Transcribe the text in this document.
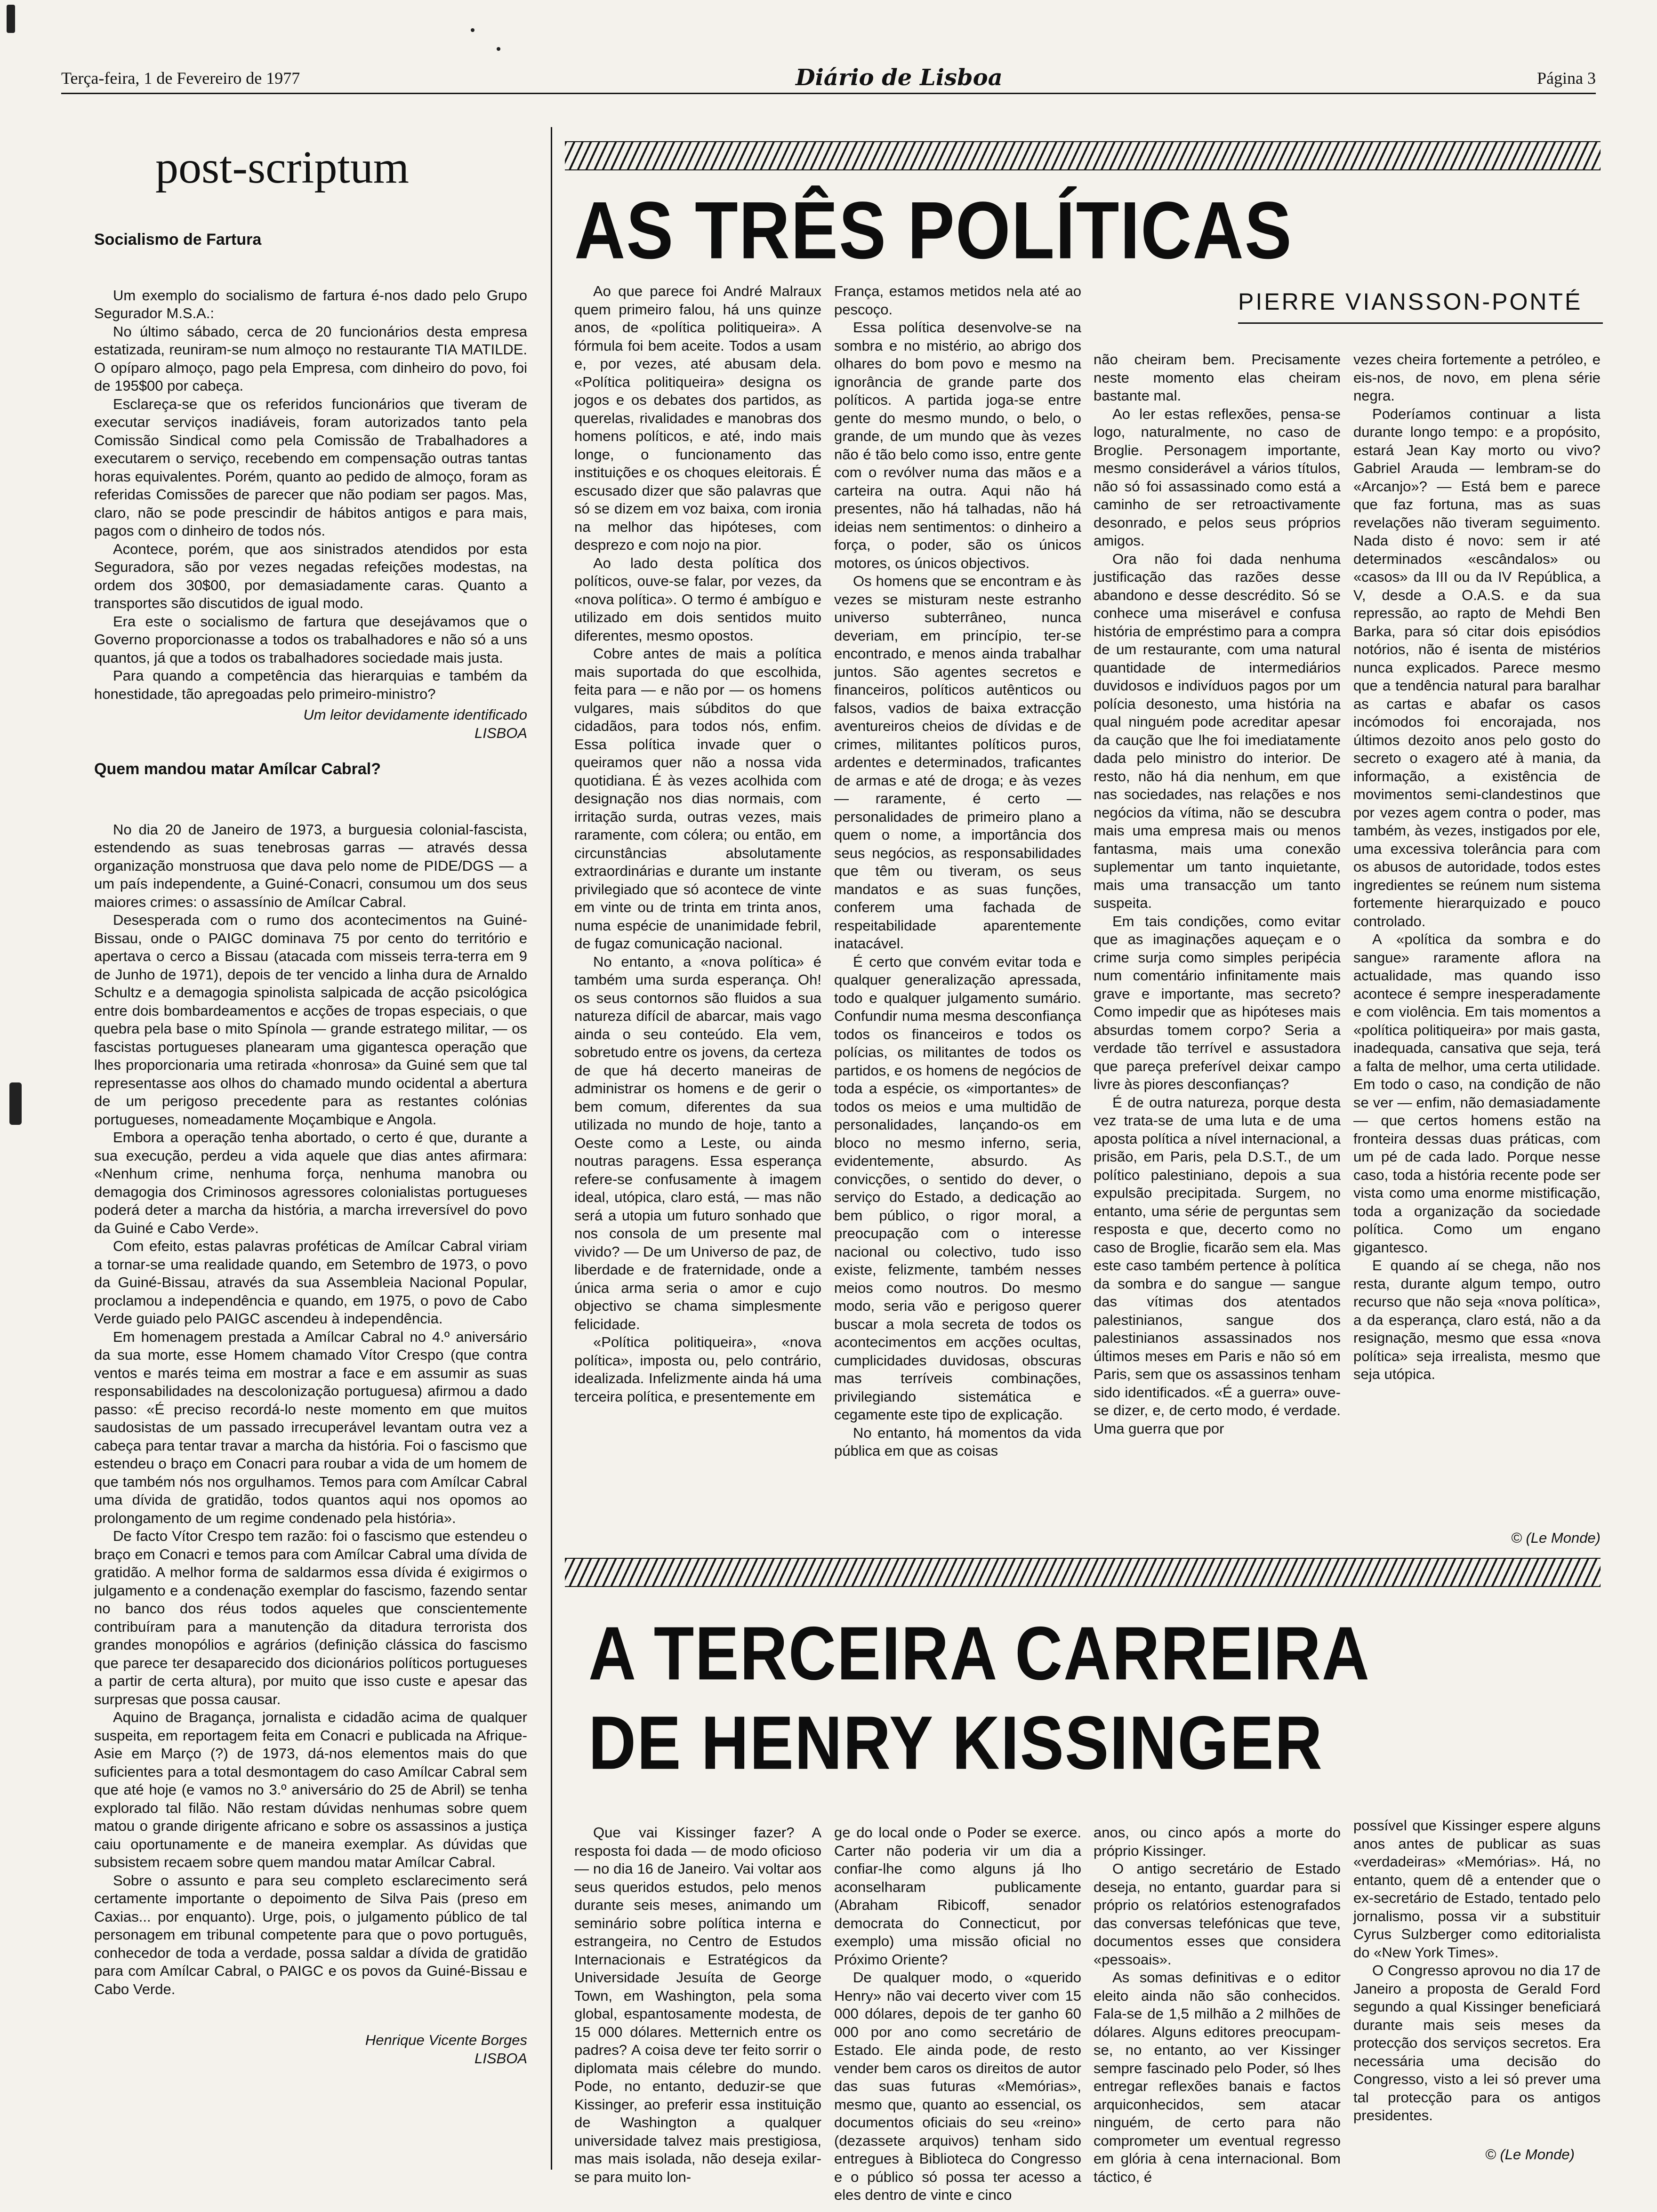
Terça-feira, 1 de Fevereiro de 1977	Diário de Lisboa	Página 3
post-scriptum
Socialismo de Fartura

Um exemplo do socialismo de fartura é-nos dado pelo Grupo Segurador M.S.A.:

No último sábado, cerca de 20 funcionários desta empresa estatizada, reuniram-se num almoço no restaurante TIA MATILDE. O opíparo almoço, pago pela Empresa, com dinheiro do povo, foi de 195$00 por cabeça.

Esclareça-se que os referidos funcionários que tiveram de executar serviços inadiáveis, foram autorizados tanto pela Comissão Sindical como pela Comissão de Trabalhadores a executarem o serviço, recebendo em compensação outras tantas horas equivalentes. Porém, quanto ao pedido de almoço, foram as referidas Comissões de parecer que não podiam ser pagos. Mas, claro, não se pode prescindir de hábitos antigos e para mais, pagos com o dinheiro de todos nós.

Acontece, porém, que aos sinistrados atendidos por esta Seguradora, são por vezes negadas refeições modestas, na ordem dos 30$00, por demasiadamente caras. Quanto a transportes são discutidos de igual modo.

Era este o socialismo de fartura que desejávamos que o Governo proporcionasse a todos os trabalhadores e não só a uns quantos, já que a todos os trabalhadores sociedade mais justa.

Para quando a competência das hierarquias e também da honestidade, tão apregoadas pelo primeiro-ministro?

Um leitor devidamente identificado
LISBOA
Quem mandou matar Amílcar Cabral?

No dia 20 de Janeiro de 1973, a burguesia colonial-fascista, estendendo as suas tenebrosas garras — através dessa organização monstruosa que dava pelo nome de PIDE/DGS — a um país independente, a Guiné-Conacri, consumou um dos seus maiores crimes: o assassínio de Amílcar Cabral.

Desesperada com o rumo dos acontecimentos na Guiné-Bissau, onde o PAIGC dominava 75 por cento do território e apertava o cerco a Bissau (atacada com misseis terra-terra em 9 de Junho de 1971), depois de ter vencido a linha dura de Arnaldo Schultz e a demagogia spinolista salpicada de acção psicológica entre dois bombardeamentos e acções de tropas especiais, o que quebra pela base o mito Spínola — grande estratego militar, — os fascistas portugueses planearam uma gigantesca operação que lhes proporcionaria uma retirada «honrosa» da Guiné sem que tal representasse aos olhos do chamado mundo ocidental a abertura de um perigoso precedente para as restantes colónias portugueses, nomeadamente Moçambique e Angola.

Embora a operação tenha abortado, o certo é que, durante a sua execução, perdeu a vida aquele que dias antes afirmara: «Nenhum crime, nenhuma força, nenhuma manobra ou demagogia dos Criminosos agressores colonialistas portugueses poderá deter a marcha da história, a marcha irreversível do povo da Guiné e Cabo Verde».

Com efeito, estas palavras proféticas de Amílcar Cabral viriam a tornar-se uma realidade quando, em Setembro de 1973, o povo da Guiné-Bissau, através da sua Assembleia Nacional Popular, proclamou a independência e quando, em 1975, o povo de Cabo Verde guiado pelo PAIGC ascendeu à independência.

Em homenagem prestada a Amílcar Cabral no 4.º aniversário da sua morte, esse Homem chamado Vítor Crespo (que contra ventos e marés teima em mostrar a face e em assumir as suas responsabilidades na descolonização portuguesa) afirmou a dado passo: «É preciso recordá-lo neste momento em que muitos saudosistas de um passado irrecuperável levantam outra vez a cabeça para tentar travar a marcha da história. Foi o fascismo que estendeu o braço em Conacri para roubar a vida de um homem de que também nós nos orgulhamos. Temos para com Amílcar Cabral uma dívida de gratidão, todos quantos aqui nos opomos ao prolongamento de um regime condenado pela história».

De facto Vítor Crespo tem razão: foi o fascismo que estendeu o braço em Conacri e temos para com Amílcar Cabral uma dívida de gratidão. A melhor forma de saldarmos essa dívida é exigirmos o julgamento e a condenação exemplar do fascismo, fazendo sentar no banco dos réus todos aqueles que conscientemente contribuíram para a manutenção da ditadura terrorista dos grandes monopólios e agrários (definição clássica do fascismo que parece ter desaparecido dos dicionários políticos portugueses a partir de certa altura), por muito que isso custe e apesar das surpresas que possa causar.

Aquino de Bragança, jornalista e cidadão acima de qualquer suspeita, em reportagem feita em Conacri e publicada na Afrique-Asie em Março (?) de 1973, dá-nos elementos mais do que suficientes para a total desmontagem do caso Amílcar Cabral sem que até hoje (e vamos no 3.º aniversário do 25 de Abril) se tenha explorado tal filão. Não restam dúvidas nenhumas sobre quem matou o grande dirigente africano e sobre os assassinos a justiça caiu oportunamente e de maneira exemplar. As dúvidas que subsistem recaem sobre quem mandou matar Amílcar Cabral.

Sobre o assunto e para seu completo esclarecimento será certamente importante o depoimento de Silva Pais (preso em Caxias... por enquanto). Urge, pois, o julgamento público de tal personagem em tribunal competente para que o povo português, conhecedor de toda a verdade, possa saldar a dívida de gratidão para com Amílcar Cabral, o PAIGC e os povos da Guiné-Bissau e Cabo Verde.

Henrique Vicente Borges
LISBOA
AS TRÊS POLÍTICAS
PIERRE VIANSSON-PONTÉ

Ao que parece foi André Malraux quem primeiro falou, há uns quinze anos, de «política politiqueira». A fórmula foi bem aceite. Todos a usam e, por vezes, até abusam dela. «Política politiqueira» designa os jogos e os debates dos partidos, as querelas, rivalidades e manobras dos homens políticos, e até, indo mais longe, o funcionamento das instituições e os choques eleitorais. É escusado dizer que são palavras que só se dizem em voz baixa, com ironia na melhor das hipóteses, com desprezo e com nojo na pior.

Ao lado desta política dos políticos, ouve-se falar, por vezes, da «nova política». O termo é ambíguo e utilizado em dois sentidos muito diferentes, mesmo opostos.

Cobre antes de mais a política mais suportada do que escolhida, feita para — e não por — os homens vulgares, mais súbditos do que cidadãos, para todos nós, enfim. Essa política invade quer o queiramos quer não a nossa vida quotidiana. É às vezes acolhida com designação nos dias normais, com irritação surda, outras vezes, mais raramente, com cólera; ou então, em circunstâncias absolutamente extraordinárias e durante um instante privilegiado que só acontece de vinte em vinte ou de trinta em trinta anos, numa espécie de unanimidade febril, de fugaz comunicação nacional.

No entanto, a «nova política» é também uma surda esperança. Oh! os seus contornos são fluidos a sua natureza difícil de abarcar, mais vago ainda o seu conteúdo. Ela vem, sobretudo entre os jovens, da certeza de que há decerto maneiras de administrar os homens e de gerir o bem comum, diferentes da sua utilizada no mundo de hoje, tanto a Oeste como a Leste, ou ainda noutras paragens. Essa esperança refere-se confusamente à imagem ideal, utópica, claro está, — mas não será a utopia um futuro sonhado que nos consola de um presente mal vivido? — De um Universo de paz, de liberdade e de fraternidade, onde a única arma seria o amor e cujo objectivo se chama simplesmente felicidade.

«Política politiqueira», «nova política», imposta ou, pelo contrário, idealizada. Infelizmente ainda há uma terceira política, e presentemente em

França, estamos metidos nela até ao pescoço.

Essa política desenvolve-se na sombra e no mistério, ao abrigo dos olhares do bom povo e mesmo na ignorância de grande parte dos políticos. A partida joga-se entre gente do mesmo mundo, o belo, o grande, de um mundo que às vezes não é tão belo como isso, entre gente com o revólver numa das mãos e a carteira na outra. Aqui não há presentes, não há talhadas, não há ideias nem sentimentos: o dinheiro a força, o poder, são os únicos motores, os únicos objectivos.

Os homens que se encontram e às vezes se misturam neste estranho universo subterrâneo, nunca deveriam, em princípio, ter-se encontrado, e menos ainda trabalhar juntos. São agentes secretos e financeiros, políticos autênticos ou falsos, vadios de baixa extracção aventureiros cheios de dívidas e de crimes, militantes políticos puros, ardentes e determinados, traficantes de armas e até de droga; e às vezes — raramente, é certo — personalidades de primeiro plano a quem o nome, a importância dos seus negócios, as responsabilidades que têm ou tiveram, os seus mandatos e as suas funções, conferem uma fachada de respeitabilidade aparentemente inatacável.

É certo que convém evitar toda e qualquer generalização apressada, todo e qualquer julgamento sumário. Confundir numa mesma desconfiança todos os financeiros e todos os polícias, os militantes de todos os partidos, e os homens de negócios de toda a espécie, os «importantes» de todos os meios e uma multidão de personalidades, lançando-os em bloco no mesmo inferno, seria, evidentemente, absurdo. As convicções, o sentido do dever, o serviço do Estado, a dedicação ao bem público, o rigor moral, a preocupação com o interesse nacional ou colectivo, tudo isso existe, felizmente, também nesses meios como noutros. Do mesmo modo, seria vão e perigoso querer buscar a mola secreta de todos os acontecimentos em acções ocultas, cumplicidades duvidosas, obscuras mas terríveis combinações, privilegiando sistemática e cegamente este tipo de explicação.

No entanto, há momentos da vida pública em que as coisas

não cheiram bem. Precisamente neste momento elas cheiram bastante mal.

Ao ler estas reflexões, pensa-se logo, naturalmente, no caso de Broglie. Personagem importante, mesmo considerável a vários títulos, não só foi assassinado como está a caminho de ser retroactivamente desonrado, e pelos seus próprios amigos.

Ora não foi dada nenhuma justificação das razões desse abandono e desse descrédito. Só se conhece uma miserável e confusa história de empréstimo para a compra de um restaurante, com uma natural quantidade de intermediários duvidosos e indivíduos pagos por um polícia desonesto, uma história na qual ninguém pode acreditar apesar da caução que lhe foi imediatamente dada pelo ministro do interior. De resto, não há dia nenhum, em que nas sociedades, nas relações e nos negócios da vítima, não se descubra mais uma empresa mais ou menos fantasma, mais uma conexão suplementar um tanto inquietante, mais uma transacção um tanto suspeita.

Em tais condições, como evitar que as imaginações aqueçam e o crime surja como simples peripécia num comentário infinitamente mais grave e importante, mas secreto? Como impedir que as hipóteses mais absurdas tomem corpo? Seria a verdade tão terrível e assustadora que pareça preferível deixar campo livre às piores desconfianças?

É de outra natureza, porque desta vez trata-se de uma luta e de uma aposta política a nível internacional, a prisão, em Paris, pela D.S.T., de um político palestiniano, depois a sua expulsão precipitada. Surgem, no entanto, uma série de perguntas sem resposta e que, decerto como no caso de Broglie, ficarão sem ela. Mas este caso também pertence à política da sombra e do sangue — sangue das vítimas dos atentados palestinianos, sangue dos palestinianos assassinados nos últimos meses em Paris e não só em Paris, sem que os assassinos tenham sido identificados. «É a guerra» ouve-se dizer, e, de certo modo, é verdade. Uma guerra que por

vezes cheira fortemente a petróleo, e eis-nos, de novo, em plena série negra.

Poderíamos continuar a lista durante longo tempo: e a propósito, estará Jean Kay morto ou vivo? Gabriel Arauda — lembram-se do «Arcanjo»? — Está bem e parece que faz fortuna, mas as suas revelações não tiveram seguimento. Nada disto é novo: sem ir até determinados «escândalos» ou «casos» da III ou da IV República, a V, desde a O.A.S. e da sua repressão, ao rapto de Mehdi Ben Barka, para só citar dois episódios notórios, não é isenta de mistérios nunca explicados. Parece mesmo que a tendência natural para baralhar as cartas e abafar os casos incómodos foi encorajada, nos últimos dezoito anos pelo gosto do secreto o exagero até à mania, da informação, a existência de movimentos semi-clandestinos que por vezes agem contra o poder, mas também, às vezes, instigados por ele, uma excessiva tolerância para com os abusos de autoridade, todos estes ingredientes se reúnem num sistema fortemente hierarquizado e pouco controlado.

A «política da sombra e do sangue» raramente aflora na actualidade, mas quando isso acontece é sempre inesperadamente e com violência. Em tais momentos a «política politiqueira» por mais gasta, inadequada, cansativa que seja, terá a falta de melhor, uma certa utilidade. Em todo o caso, na condição de não se ver — enfim, não demasiadamente — que certos homens estão na fronteira dessas duas práticas, com um pé de cada lado. Porque nesse caso, toda a história recente pode ser vista como uma enorme mistificação, toda a organização da sociedade política. Como um engano gigantesco.

E quando aí se chega, não nos resta, durante algum tempo, outro recurso que não seja «nova política», a da esperança, claro está, não a da resignação, mesmo que essa «nova política» seja irrealista, mesmo que seja utópica.

© (Le Monde)
A TERCEIRA CARREIRA
DE HENRY KISSINGER

Que vai Kissinger fazer? A resposta foi dada — de modo oficioso — no dia 16 de Janeiro. Vai voltar aos seus queridos estudos, pelo menos durante seis meses, animando um seminário sobre política interna e estrangeira, no Centro de Estudos Internacionais e Estratégicos da Universidade Jesuíta de George Town, em Washington, pela soma global, espantosamente modesta, de 15 000 dólares. Metternich entre os padres? A coisa deve ter feito sorrir o diplomata mais célebre do mundo. Pode, no entanto, deduzir-se que Kissinger, ao preferir essa instituição de Washington a qualquer universidade talvez mais prestigiosa, mas mais isolada, não deseja exilar-se para muito lon-

ge do local onde o Poder se exerce. Carter não poderia vir um dia a confiar-lhe como alguns já lho aconselharam publicamente (Abraham Ribicoff, senador democrata do Connecticut, por exemplo) uma missão oficial no Próximo Oriente?

De qualquer modo, o «querido Henry» não vai decerto viver com 15 000 dólares, depois de ter ganho 60 000 por ano como secretário de Estado. Ele ainda pode, de resto vender bem caros os direitos de autor das suas futuras «Memórias», mesmo que, quanto ao essencial, os documentos oficiais do seu «reino» (dezassete arquivos) tenham sido entregues à Biblioteca do Congresso e o público só possa ter acesso a eles dentro de vinte e cinco

anos, ou cinco após a morte do próprio Kissinger.

O antigo secretário de Estado deseja, no entanto, guardar para si próprio os relatórios estenografados das conversas telefónicas que teve, documentos esses que considera «pessoais».

As somas definitivas e o editor eleito ainda não são conhecidos. Fala-se de 1,5 milhão a 2 milhões de dólares. Alguns editores preocupam-se, no entanto, ao ver Kissinger sempre fascinado pelo Poder, só lhes entregar reflexões banais e factos arquiconhecidos, sem atacar ninguém, de certo para não comprometer um eventual regresso em glória à cena internacional. Bom táctico, é

possível que Kissinger espere alguns anos antes de publicar as suas «verdadeiras» «Memórias». Há, no entanto, quem dê a entender que o ex-secretário de Estado, tentado pelo jornalismo, possa vir a substituir Cyrus Sulzberger como editorialista do «New York Times».

O Congresso aprovou no dia 17 de Janeiro a proposta de Gerald Ford segundo a qual Kissinger beneficiará durante mais seis meses da protecção dos serviços secretos. Era necessária uma decisão do Congresso, visto a lei só prever uma tal protecção para os antigos presidentes.

© (Le Monde)
